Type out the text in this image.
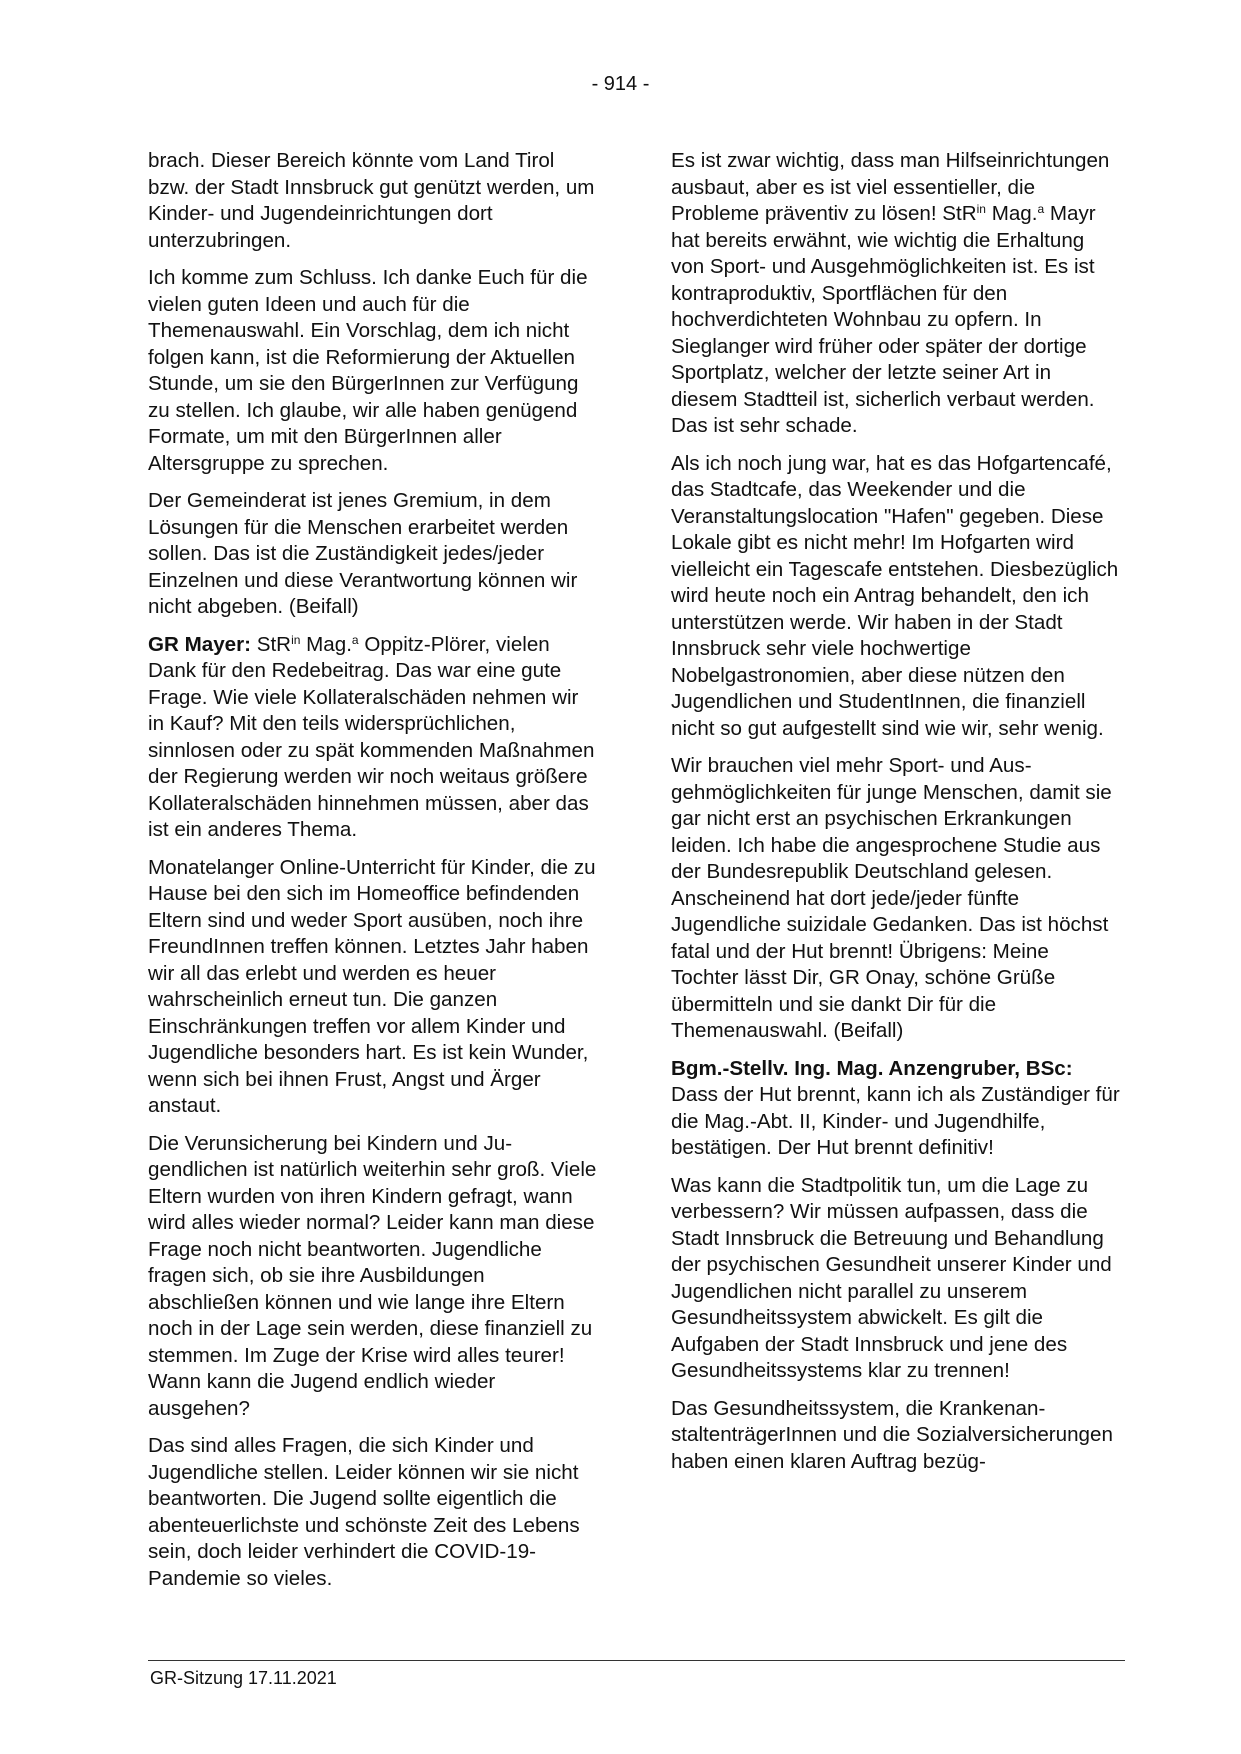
- 914 -

brach. Dieser Bereich könnte vom Land Tirol bzw. der Stadt Innsbruck gut genützt werden, um Kinder- und Jugendeinrichtungen dort unterzubringen.

Ich komme zum Schluss. Ich danke Euch für die vielen guten Ideen und auch für die Themenauswahl. Ein Vorschlag, dem ich nicht folgen kann, ist die Reformierung der Aktuellen Stunde, um sie den BürgerInnen zur Verfügung zu stellen. Ich glaube, wir alle haben genügend Formate, um mit den BürgerInnen aller Altersgruppe zu sprechen.

Der Gemeinderat ist jenes Gremium, in dem Lösungen für die Menschen erarbeitet werden sollen. Das ist die Zuständigkeit jedes/jeder Einzelnen und diese Verantwortung können wir nicht abgeben. (Beifall)

GR Mayer: StR$^{in}$ Mag.$^a$ Oppitz-Plörer, vielen Dank für den Redebeitrag. Das war eine gute Frage. Wie viele Kollateralschäden nehmen wir in Kauf? Mit den teils widersprüchlichen, sinnlosen oder zu spät kommenden Maßnahmen der Regierung werden wir noch weitaus größere Kollateralschäden hinnehmen müssen, aber das ist ein anderes Thema.

Monatelanger Online-Unterricht für Kinder, die zu Hause bei den sich im Homeoffice befindenden Eltern sind und weder Sport ausüben, noch ihre FreundInnen treffen können. Letztes Jahr haben wir all das erlebt und werden es heuer wahrscheinlich erneut tun. Die ganzen Einschränkungen treffen vor allem Kinder und Jugendliche besonders hart. Es ist kein Wunder, wenn sich bei ihnen Frust, Angst und Ärger anstaut.

Die Verunsicherung bei Kindern und Jugendlichen ist natürlich weiterhin sehr groß. Viele Eltern wurden von ihren Kindern gefragt, wann wird alles wieder normal? Leider kann man diese Frage noch nicht beantworten. Jugendliche fragen sich, ob sie ihre Ausbildungen abschließen können und wie lange ihre Eltern noch in der Lage sein werden, diese finanziell zu stemmen. Im Zuge der Krise wird alles teurer! Wann kann die Jugend endlich wieder ausgehen?

Das sind alles Fragen, die sich Kinder und Jugendliche stellen. Leider können wir sie nicht beantworten. Die Jugend sollte eigentlich die abenteuerlichste und schönste Zeit des Lebens sein, doch leider verhindert die COVID-19-Pandemie so vieles.

Es ist zwar wichtig, dass man Hilfseinrichtungen ausbaut, aber es ist viel essentieller, die Probleme präventiv zu lösen! StR$^{in}$ Mag.$^a$ Mayr hat bereits erwähnt, wie wichtig die Erhaltung von Sport- und Ausgehmöglichkeiten ist. Es ist kontraproduktiv, Sportflächen für den hochverdichteten Wohnbau zu opfern. In Sieglanger wird früher oder später der dortige Sportplatz, welcher der letzte seiner Art in diesem Stadtteil ist, sicherlich verbaut werden. Das ist sehr schade.

Als ich noch jung war, hat es das Hofgartencafé, das Stadtcafe, das Weekender und die Veranstaltungslocation "Hafen" gegeben. Diese Lokale gibt es nicht mehr! Im Hofgarten wird vielleicht ein Tagescafe entstehen. Diesbezüglich wird heute noch ein Antrag behandelt, den ich unterstützen werde. Wir haben in der Stadt Innsbruck sehr viele hochwertige Nobelgastronomien, aber diese nützen den Jugendlichen und StudentInnen, die finanziell nicht so gut aufgestellt sind wie wir, sehr wenig.

Wir brauchen viel mehr Sport- und Ausgehmöglichkeiten für junge Menschen, damit sie gar nicht erst an psychischen Erkrankungen leiden. Ich habe die angesprochene Studie aus der Bundesrepublik Deutschland gelesen. Anscheinend hat dort jede/jeder fünfte Jugendliche suizidale Gedanken. Das ist höchst fatal und der Hut brennt! Übrigens: Meine Tochter lässt Dir, GR Onay, schöne Grüße übermitteln und sie dankt Dir für die Themenauswahl. (Beifall)

Bgm.-Stellv. Ing. Mag. Anzengruber, BSc: Dass der Hut brennt, kann ich als Zuständiger für die Mag.-Abt. II, Kinder- und Jugendhilfe, bestätigen. Der Hut brennt definitiv!

Was kann die Stadtpolitik tun, um die Lage zu verbessern? Wir müssen aufpassen, dass die Stadt Innsbruck die Betreuung und Behandlung der psychischen Gesundheit unserer Kinder und Jugendlichen nicht parallel zu unserem Gesundheitssystem abwickelt. Es gilt die Aufgaben der Stadt Innsbruck und jene des Gesundheitssystems klar zu trennen!

Das Gesundheitssystem, die KrankenanstaltenträgerInnen und die Sozialversicherungen haben einen klaren Auftrag bezüg-

GR-Sitzung 17.11.2021
